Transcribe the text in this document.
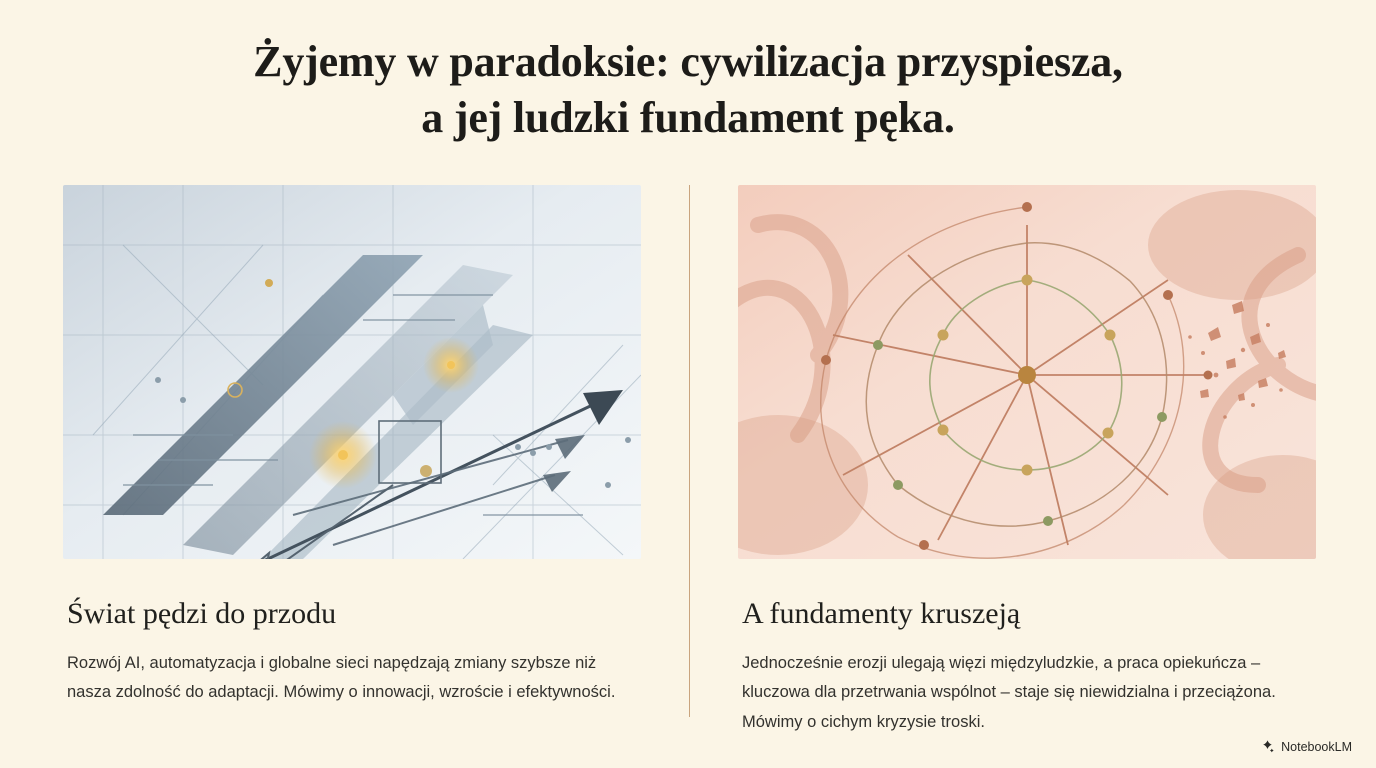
Żyjemy w paradoksie: cywilizacja przyspiesza,
a jej ludzki fundament pęka.
Świat pędzi do przodu
Rozwój AI, automatyzacja i globalne sieci napędzają zmiany szybsze niż nasza zdolność do adaptacji. Mówimy o innowacji, wzroście i efektywności.
A fundamenty kruszeją
Jednocześnie erozji ulegają więzi międzyludzkie, a praca opiekuńcza – kluczowa dla przetrwania wspólnot – staje się niewidzialna i przeciążona. Mówimy o cichym kryzysie troski.
NotebookLM
